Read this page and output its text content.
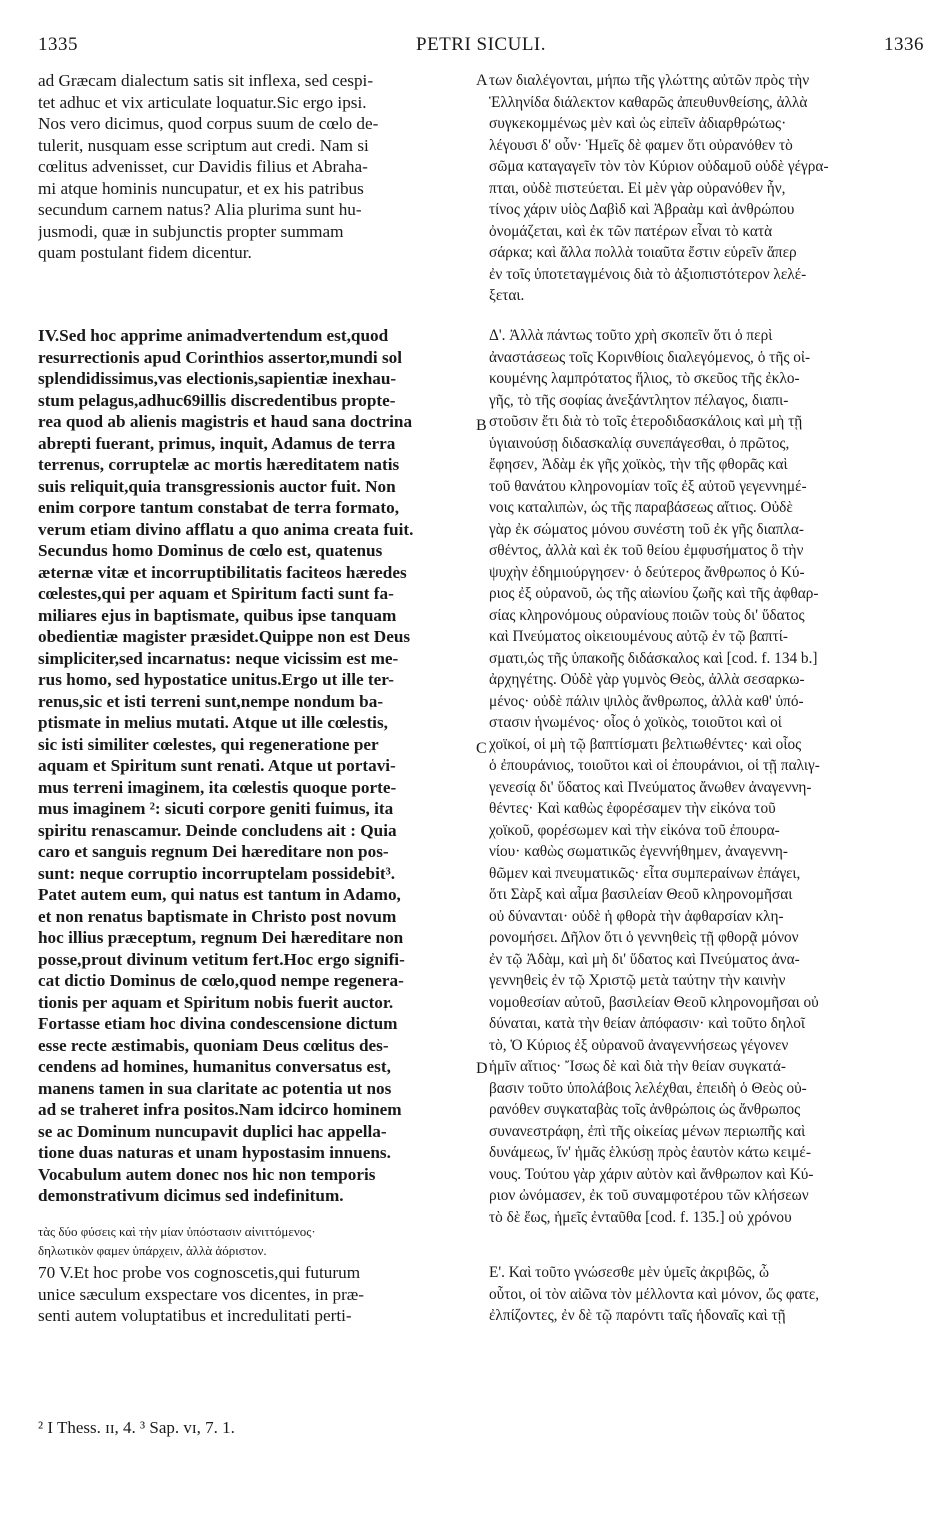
1335	PETRI SICULI.	1336
ad Græcam dialectum satis sit inflexa, sed cespi-
tet adhuc et vix articulate loquatur.Sic ergo ipsi.
Nos vero dicimus, quod corpus suum de cœlo de-
tulerit, nusquam esse scriptum aut credi. Nam si
cœlitus advenisset, cur Davidis filius et Abraha-
mi atque hominis nuncupatur, et ex his patribus
secundum carnem natus? Alia plurima sunt hu-
jusmodi, quæ in subjunctis propter summam
quam postulant fidem dicentur.
IV.Sed hoc apprime animadvertendum est,quod
resurrectionis apud Corinthios assertor,mundi sol
splendidissimus,vas electionis,sapientiæ inexhau-
stum pelagus,adhuc69illis discredentibus propte-
rea quod ab alienis magistris et haud sana doctrina
abrepti fuerant, primus, inquit, Adamus de terra
terrenus, corruptelæ ac mortis hæreditatem natis
suis reliquit,quia transgressionis auctor fuit. Non
enim corpore tantum constabat de terra formato,
verum etiam divino afflatu a quo anima creata fuit.
Secundus homo Dominus de cœlo est, quatenus
æternæ vitæ et incorruptibilitatis faciteos hæredes
cœlestes,qui per aquam et Spiritum facti sunt fa-
miliares ejus in baptismate, quibus ipse tanquam
obedientiæ magister præsidet.Quippe non est Deus
simpliciter,sed incarnatus: neque vicissim est me-
rus homo, sed hypostatice unitus.Ergo ut ille ter-
renus,sic et isti terreni sunt,nempe nondum ba-
ptismate in melius mutati. Atque ut ille cœlestis,
sic isti similiter cœlestes, qui regeneratione per
aquam et Spiritum sunt renati. Atque ut portavi-
mus terreni imaginem, ita cœlestis quoque porte-
mus imaginem ²: sicuti corpore geniti fuimus, ita
spiritu renascamur. Deinde concludens ait : Quia
caro et sanguis regnum Dei hæreditare non pos-
sunt: neque corruptio incorruptelam possidebit³.
Patet autem eum, qui natus est tantum in Adamo,
et non renatus baptismate in Christo post novum
hoc illius præceptum, regnum Dei hæreditare non
posse,prout divinum vetitum fert.Hoc ergo signifi-
cat dictio Dominus de cœlo,quod nempe regenera-
tionis per aquam et Spiritum nobis fuerit auctor.
Fortasse etiam hoc divina condescensione dictum
esse recte æstimabis, quoniam Deus cœlitus des-
cendens ad homines, humanitus conversatus est,
manens tamen in sua claritate ac potentia ut nos
ad se traheret infra positos.Nam idcirco hominem
se ac Dominum nuncupavit duplici hac appella-
tione duas naturas et unam hypostasim innuens.
Vocabulum autem donec nos hic non temporis
demonstrativum dicimus sed indefinitum.
τὰς δύο φύσεις καὶ τὴν μίαν ὑπόστασιν αἰνιττόμενος·
δηλωτικὸν φαμεν ὑπάρχειν, ἀλλὰ ἀόριστον.
70 V.Et hoc probe vos cognoscetis,qui futurum
unice sæculum exspectare vos dicentes, in præ-
senti autem voluptatibus et incredulitati perti-
των διαλέγονται, μήπω τῆς γλώττης αὐτῶν πρὸς τὴν
Ἑλληνίδα διάλεκτον καθαρῶς ἀπευθυνθείσης, ἀλλὰ
συγκεκομμένως μὲν καὶ ὡς εἰπεῖν ἀδιαρθρώτως·
λέγουσι δ' οὖν· Ἡμεῖς δὲ φαμεν ὅτι οὐρανόθεν τὸ
σῶμα καταγαγεῖν τὸν τὸν Κύριον οὐδαμοῦ οὐδὲ γέγρα-
πται, οὐδὲ πιστεύεται. Εἰ μὲν γὰρ οὐρανόθεν ἦν,
τίνος χάριν υἱὸς Δαβὶδ καὶ Ἀβραὰμ καὶ ἀνθρώπου
ὀνομάζεται, καὶ ἐκ τῶν πατέρων εἶναι τὸ κατὰ
σάρκα; καὶ ἄλλα πολλὰ τοιαῦτα ἔστιν εὑρεῖν ἅπερ
ἐν τοῖς ὑποτεταγμένοις διὰ τὸ ἀξιοπιστότερον λελέ-
ξεται.
Δ'. Ἀλλὰ πάντως τοῦτο χρὴ σκοπεῖν ὅτι ὁ περὶ
ἀναστάσεως τοῖς Κορινθίοις διαλεγόμενος, ὁ τῆς οἰ-
κουμένης λαμπρότατος ἥλιος, τὸ σκεῦος τῆς ἐκλο-
γῆς, τὸ τῆς σοφίας ἀνεξάντλητον πέλαγος, διαπι-
στοῦσιν ἔτι διὰ τὸ τοῖς ἑτεροδιδασκάλοις καὶ μὴ τῇ
ὑγιαινούσῃ διδασκαλίᾳ συνεπάγεσθαι, ὁ πρῶτος,
ἔφησεν, Ἀδὰμ ἐκ γῆς χοϊκὸς, τὴν τῆς φθορᾶς καὶ
τοῦ θανάτου κληρονομίαν τοῖς ἐξ αὐτοῦ γεγεννημέ-
νοις καταλιπὼν, ὡς τῆς παραβάσεως αἴτιος. Οὐδὲ
γὰρ ἐκ σώματος μόνου συνέστη τοῦ ἐκ γῆς διαπλα-
σθέντος, ἀλλὰ καὶ ἐκ τοῦ θείου ἐμφυσήματος ὃ τὴν
ψυχὴν ἐδημιούργησεν· ὁ δεύτερος ἄνθρωπος ὁ Κύ-
ριος ἐξ οὐρανοῦ, ὡς τῆς αἰωνίου ζωῆς καὶ τῆς ἀφθαρ-
σίας κληρονόμους οὐρανίους ποιῶν τοὺς δι' ὕδατος
καὶ Πνεύματος οἰκειουμένους αὐτῷ ἐν τῷ βαπτί-
σματι,ὡς τῆς ὑπακοῆς διδάσκαλος καὶ [cod. f. 134 b.]
ἀρχηγέτης. Οὐδὲ γὰρ γυμνὸς Θεὸς, ἀλλὰ σεσαρκω-
μένος· οὐδὲ πάλιν ψιλὸς ἄνθρωπος, ἀλλὰ καθ' ὑπό-
στασιν ἡνωμένος· οἷος ὁ χοϊκὸς, τοιοῦτοι καὶ οἱ
χοϊκοί, οἱ μὴ τῷ βαπτίσματι βελτιωθέντες· καὶ οἷος
ὁ ἐπουράνιος, τοιοῦτοι καὶ οἱ ἐπουράνιοι, οἱ τῇ παλιγ-
γενεσίᾳ δι' ὕδατος καὶ Πνεύματος ἄνωθεν ἀναγεννη-
θέντες· Καὶ καθὼς ἐφορέσαμεν τὴν εἰκόνα τοῦ
χοϊκοῦ, φορέσωμεν καὶ τὴν εἰκόνα τοῦ ἐπουρα-
νίου· καθὼς σωματικῶς ἐγεννήθημεν, ἀναγεννη-
θῶμεν καὶ πνευματικῶς· εἶτα συμπεραίνων ἐπάγει,
ὅτι Σὰρξ καὶ αἷμα βασιλείαν Θεοῦ κληρονομῆσαι
οὐ δύνανται· οὐδὲ ἡ φθορὰ τὴν ἀφθαρσίαν κλη-
ρονομήσει. Δῆλον ὅτι ὁ γεννηθεὶς τῇ φθορᾷ μόνον
ἐν τῷ Ἀδὰμ, καὶ μὴ δι' ὕδατος καὶ Πνεύματος ἀνα-
γεννηθεὶς ἐν τῷ Χριστῷ μετὰ ταύτην τὴν καινὴν
νομοθεσίαν αὐτοῦ, βασιλείαν Θεοῦ κληρονομῆσαι οὐ
δύναται, κατὰ τὴν θείαν ἀπόφασιν· καὶ τοῦτο δηλοῖ
τὸ, Ὁ Κύριος ἐξ οὐρανοῦ ἀναγεννήσεως γέγονεν
ἡμῖν αἴτιος· Ἴσως δὲ καὶ διὰ τὴν θείαν συγκατά-
βασιν τοῦτο ὑπολάβοις λελέχθαι, ἐπειδὴ ὁ Θεὸς οὐ-
ρανόθεν συγκαταβὰς τοῖς ἀνθρώποις ὡς ἄνθρωπος
συνανεστράφη, ἐπὶ τῆς οἰκείας μένων περιωπῆς καὶ
δυνάμεως, ἵν' ἡμᾶς ἑλκύσῃ πρὸς ἑαυτὸν κάτω κειμέ-
νους. Τούτου γὰρ χάριν αὐτὸν καὶ ἄνθρωπον καὶ Κύ-
ριον ὠνόμασεν, ἐκ τοῦ συναμφοτέρου τῶν κλήσεων
τὸ δὲ ἕως, ἡμεῖς ἐνταῦθα [cod. f. 135.] οὐ χρόνου
Ε'. Καὶ τοῦτο γνώσεσθε μὲν ὑμεῖς ἀκριβῶς, ὦ
οὗτοι, οἱ τὸν αἰῶνα τὸν μέλλοντα καὶ μόνον, ὥς φατε,
ἐλπίζοντες, ἐν δὲ τῷ παρόντι ταῖς ἡδοναῖς καὶ τῇ
A
B
C
D
² I Thess. ɪɪ, 4. ³ Sap. ᴠɪ, 7. 1.
